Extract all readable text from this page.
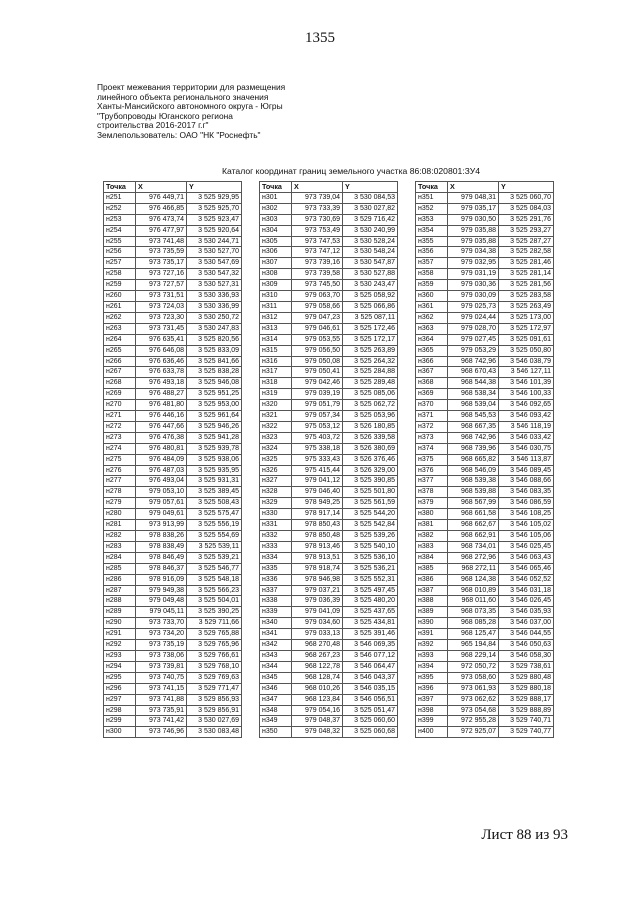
1355
Проект межевания территории для размещения
линейного объекта регионального значения
Ханты-Мансийского автономного округа - Югры
"Трубопроводы Юганского региона
строительства 2016-2017 г.г"
Землепользователь: ОАО "НК "Роснефть"
Каталог координат границ земельного участка 86:08:020801:ЗУ4
Точка	X	Y
н251	976 449,71	3 525 929,95
н252	976 466,85	3 525 925,70
н253	976 473,74	3 525 923,47
н254	976 477,97	3 525 920,64
н255	973 741,48	3 530 244,71
н256	973 735,59	3 530 527,70
н257	973 735,17	3 530 547,69
н258	973 727,16	3 530 547,32
н259	973 727,57	3 530 527,31
н260	973 731,51	3 530 336,93
н261	973 724,03	3 530 336,99
н262	973 723,30	3 530 250,72
н263	973 731,45	3 530 247,83
н264	976 635,41	3 525 820,56
н265	976 646,08	3 525 833,09
н266	976 636,46	3 525 841,66
н267	976 633,78	3 525 838,28
н268	976 493,18	3 525 946,08
н269	976 488,27	3 525 951,25
н270	976 481,80	3 525 953,00
н271	976 446,16	3 525 961,64
н272	976 447,66	3 525 946,26
н273	976 476,38	3 525 941,28
н274	976 480,81	3 525 939,78
н275	976 484,09	3 525 938,06
н276	976 487,03	3 525 935,95
н277	976 493,04	3 525 931,31
н278	979 053,10	3 525 389,45
н279	979 057,61	3 525 508,43
н280	979 049,61	3 525 575,47
н281	973 913,99	3 525 556,19
н282	978 838,26	3 525 554,69
н283	978 838,49	3 525 539,11
н284	978 846,49	3 525 539,21
н285	978 846,37	3 525 546,77
н286	978 916,09	3 525 548,18
н287	979 949,38	3 525 566,23
н288	979 049,48	3 525 504,01
н289	979 045,11	3 525 390,25
н290	973 733,70	3 529 711,66
н291	973 734,20	3 529 765,88
н292	973 735,19	3 529 765,96
н293	973 738,06	3 529 766,61
н294	973 739,81	3 529 768,10
н295	973 740,75	3 529 769,63
н296	973 741,15	3 529 771,47
н297	973 741,88	3 529 856,93
н298	973 735,91	3 529 856,91
н299	973 741,42	3 530 027,69
н300	973 746,96	3 530 083,48
Точка	X	Y
н301	973 739,04	3 530 084,53
н302	973 733,39	3 530 027,82
н303	973 730,69	3 529 716,42
н304	973 753,49	3 530 240,99
н305	973 747,53	3 530 528,24
н306	973 747,12	3 530 548,24
н307	973 739,16	3 530 547,87
н308	973 739,58	3 530 527,88
н309	973 745,50	3 530 243,47
н310	979 063,70	3 525 058,92
н311	979 058,66	3 525 066,86
н312	979 047,23	3 525 087,11
н313	979 046,61	3 525 172,46
н314	979 053,55	3 525 172,17
н315	979 056,50	3 525 263,89
н316	979 050,08	3 525 264,32
н317	979 050,41	3 525 284,88
н318	979 042,46	3 525 289,48
н319	979 039,19	3 525 085,06
н320	979 051,79	3 525 062,72
н321	979 057,34	3 525 053,96
н322	975 053,12	3 526 180,85
н323	975 403,72	3 526 339,58
н324	975 338,18	3 526 380,69
н325	975 333,43	3 526 376,46
н326	975 415,44	3 526 329,00
н327	979 041,12	3 525 390,85
н328	979 046,40	3 525 501,80
н329	978 949,25	3 525 561,59
н330	978 917,14	3 525 544,20
н331	978 850,43	3 525 542,84
н332	978 850,48	3 525 539,26
н333	978 913,46	3 525 540,10
н334	978 913,51	3 525 536,10
н335	978 918,74	3 525 536,21
н336	978 946,98	3 525 552,31
н337	979 037,21	3 525 497,45
н338	979 036,39	3 525 480,20
н339	979 041,09	3 525 437,65
н340	979 034,60	3 525 434,81
н341	979 033,13	3 525 391,46
н342	968 270,48	3 546 069,35
н343	968 267,23	3 546 077,12
н344	968 122,78	3 546 064,47
н345	968 128,74	3 546 043,37
н346	968 010,26	3 546 035,15
н347	968 123,84	3 546 056,51
н348	979 054,16	3 525 051,47
н349	979 048,37	3 525 060,60
н350	979 048,32	3 525 060,68
Точка	X	Y
н351	979 048,31	3 525 060,70
н352	979 035,17	3 525 084,03
н353	979 030,50	3 525 291,76
н354	979 035,88	3 525 293,27
н355	979 035,88	3 525 287,27
н356	979 034,38	3 525 282,58
н357	979 032,95	3 525 281,46
н358	979 031,19	3 525 281,14
н359	979 030,36	3 525 281,56
н360	979 030,09	3 525 283,58
н361	979 025,73	3 525 263,49
н362	979 024,44	3 525 173,00
н363	979 028,70	3 525 172,97
н364	979 027,45	3 525 091,61
н365	979 053,29	3 525 050,80
н366	968 742,96	3 546 038,79
н367	968 670,43	3 546 127,11
н368	968 544,38	3 546 101,39
н369	968 538,34	3 546 100,33
н370	968 539,04	3 546 092,65
н371	968 545,53	3 546 093,42
н372	968 667,35	3 546 118,19
н373	968 742,96	3 546 033,42
н374	968 739,96	3 546 030,75
н375	968 665,82	3 546 113,87
н376	968 546,09	3 546 089,45
н377	968 539,38	3 546 088,66
н378	968 539,88	3 546 083,35
н379	968 567,99	3 546 086,59
н380	968 661,58	3 546 108,25
н381	968 662,67	3 546 105,02
н382	968 662,91	3 546 105,06
н383	968 734,01	3 546 025,45
н384	968 272,96	3 546 063,43
н385	968 272,11	3 546 065,46
н386	968 124,38	3 546 052,52
н387	968 010,89	3 546 031,18
н388	968 011,60	3 546 026,45
н389	968 073,35	3 546 035,93
н390	968 085,28	3 546 037,00
н391	968 125,47	3 546 044,55
н392	965 194,84	3 546 050,63
н393	968 229,14	3 546 058,30
н394	972 050,72	3 529 738,61
н395	973 058,60	3 529 880,48
н396	973 061,93	3 529 880,18
н397	973 062,62	3 529 888,17
н398	973 054,68	3 529 888,89
н399	972 955,28	3 529 740,71
н400	972 925,07	3 529 740,77
Лист 88 из 93
